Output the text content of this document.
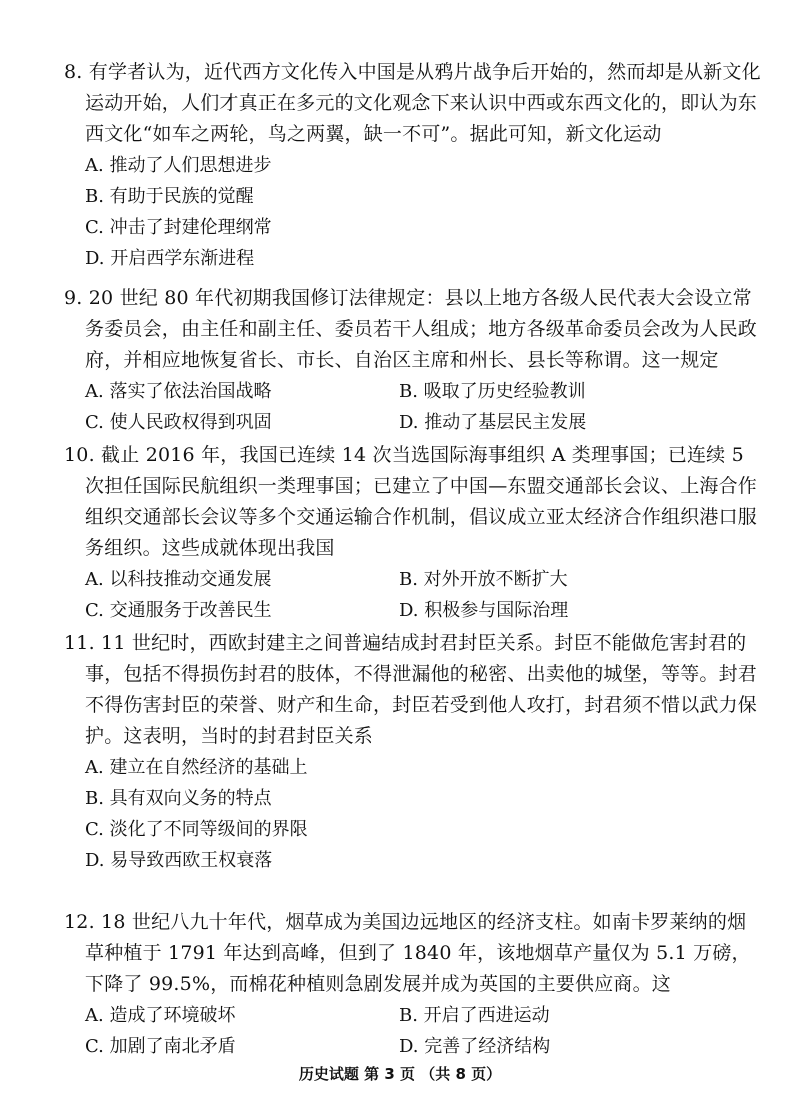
8. 有学者认为，近代西方文化传入中国是从鸦片战争后开始的，然而却是从新文化运动开始，人们才真正在多元的文化观念下来认识中西或东西文化的，即认为东西文化“如车之两轮，鸟之两翼，缺一不可”。据此可知，新文化运动

A. 推动了人们思想进步
B. 有助于民族的觉醒
C. 冲击了封建伦理纲常
D. 开启西学东渐进程

9. 20 世纪 80 年代初期我国修订法律规定：县以上地方各级人民代表大会设立常务委员会，由主任和副主任、委员若干人组成；地方各级革命委员会改为人民政府，并相应地恢复省长、市长、自治区主席和州长、县长等称谓。这一规定

A. 落实了依法治国战略	B. 吸取了历史经验教训
C. 使人民政权得到巩固	D. 推动了基层民主发展

10. 截止 2016 年，我国已连续 14 次当选国际海事组织 A 类理事国；已连续 5 次担任国际民航组织一类理事国；已建立了中国—东盟交通部长会议、上海合作组织交通部长会议等多个交通运输合作机制，倡议成立亚太经济合作组织港口服务组织。这些成就体现出我国

A. 以科技推动交通发展	B. 对外开放不断扩大
C. 交通服务于改善民生	D. 积极参与国际治理

11. 11 世纪时，西欧封建主之间普遍结成封君封臣关系。封臣不能做危害封君的事，包括不得损伤封君的肢体，不得泄漏他的秘密、出卖他的城堡，等等。封君不得伤害封臣的荣誉、财产和生命，封臣若受到他人攻打，封君须不惜以武力保护。这表明，当时的封君封臣关系

A. 建立在自然经济的基础上
B. 具有双向义务的特点
C. 淡化了不同等级间的界限
D. 易导致西欧王权衰落

12. 18 世纪八九十年代，烟草成为美国边远地区的经济支柱。如南卡罗莱纳的烟草种植于 1791 年达到高峰，但到了 1840 年，该地烟草产量仅为 5.1 万磅，下降了 99.5%，而棉花种植则急剧发展并成为英国的主要供应商。这

A. 造成了环境破坏	B. 开启了西进运动
C. 加剧了南北矛盾	D. 完善了经济结构
历史试题 第 3 页 （共 8 页）
